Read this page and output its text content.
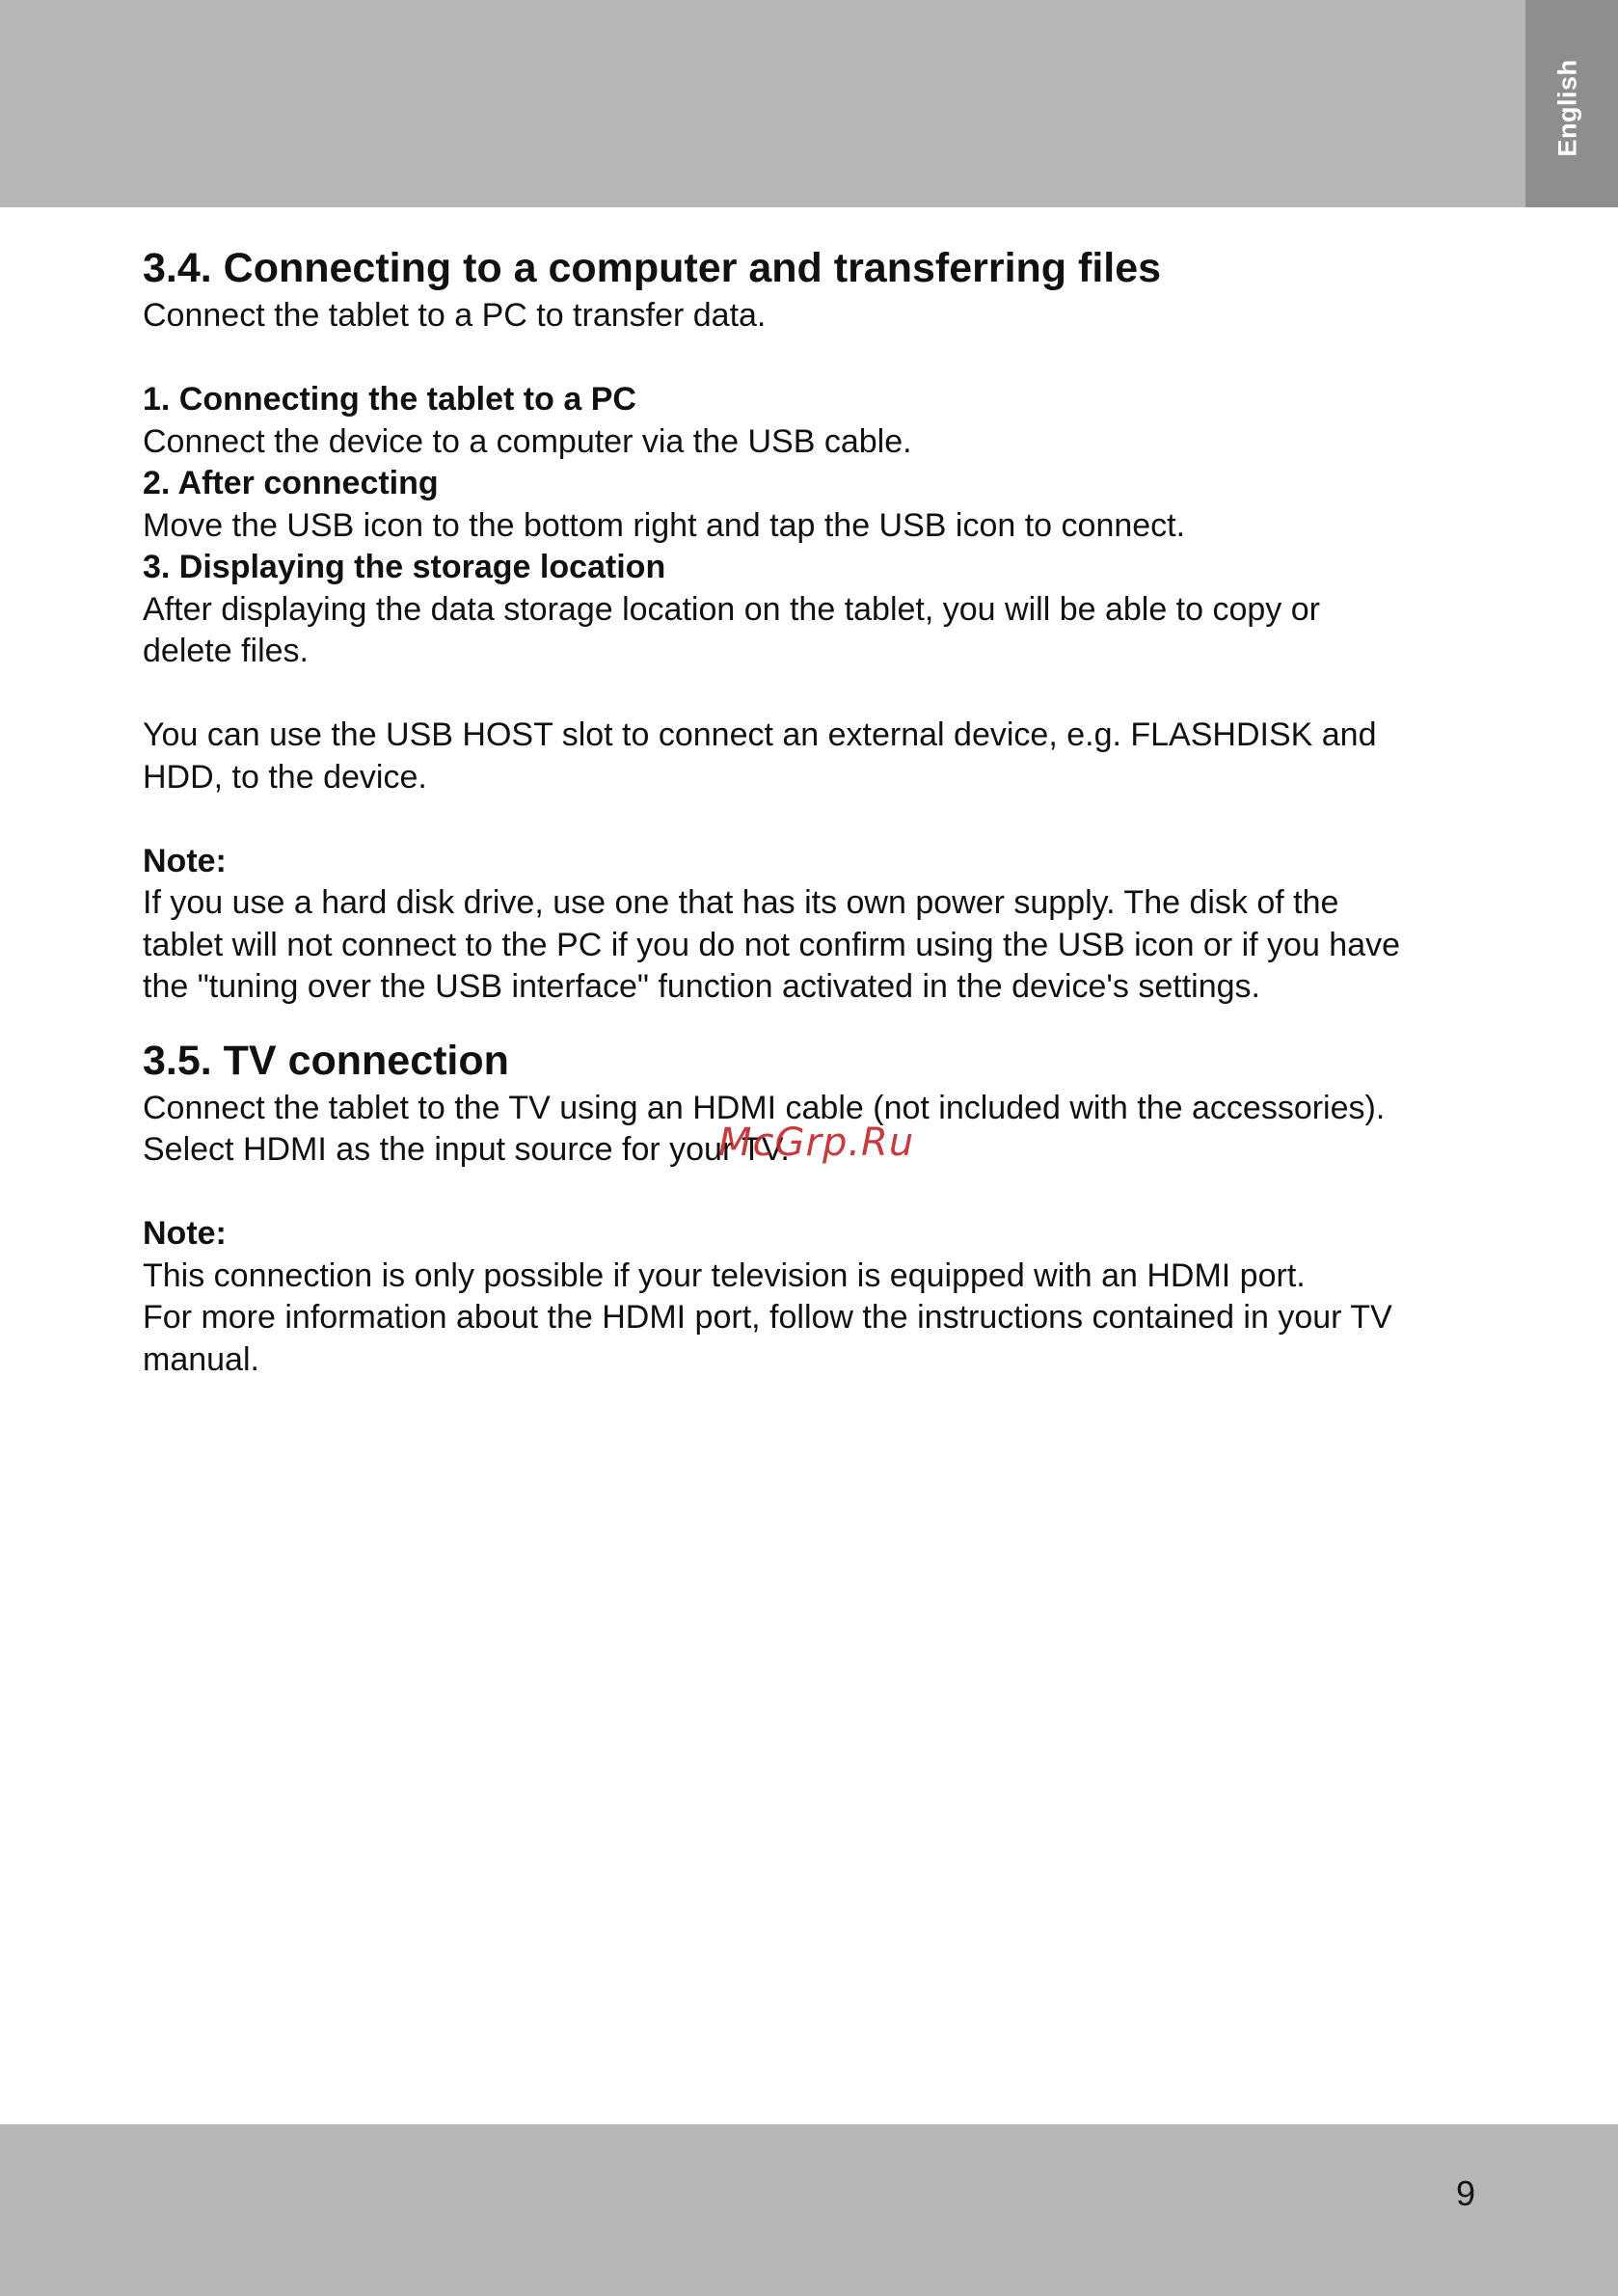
English
3.4. Connecting to a computer and transferring files

Connect the tablet to a PC to transfer data.

1. Connecting the tablet to a PC

Connect the device to a computer via the USB cable.

2. After connecting

Move the USB icon to the bottom right and tap the USB icon to connect.

3. Displaying the storage location

After displaying the data storage location on the tablet, you will be able to copy or

delete files.

You can use the USB HOST slot to connect an external device, e.g. FLASHDISK and

HDD, to the device.

Note:

If you use a hard disk drive, use one that has its own power supply. The disk of the

tablet will not connect to the PC if you do not confirm using the USB icon or if you have

the "tuning over the USB interface" function activated in the device's settings.

3.5. TV connection

Connect the tablet to the TV using an HDMI cable (not included with the accessories).

Select HDMI as the input source for your TV.

Note:

This connection is only possible if your television is equipped with an HDMI port.

For more information about the HDMI port, follow the instructions contained in your TV

manual.

McGrp.Ru
9
